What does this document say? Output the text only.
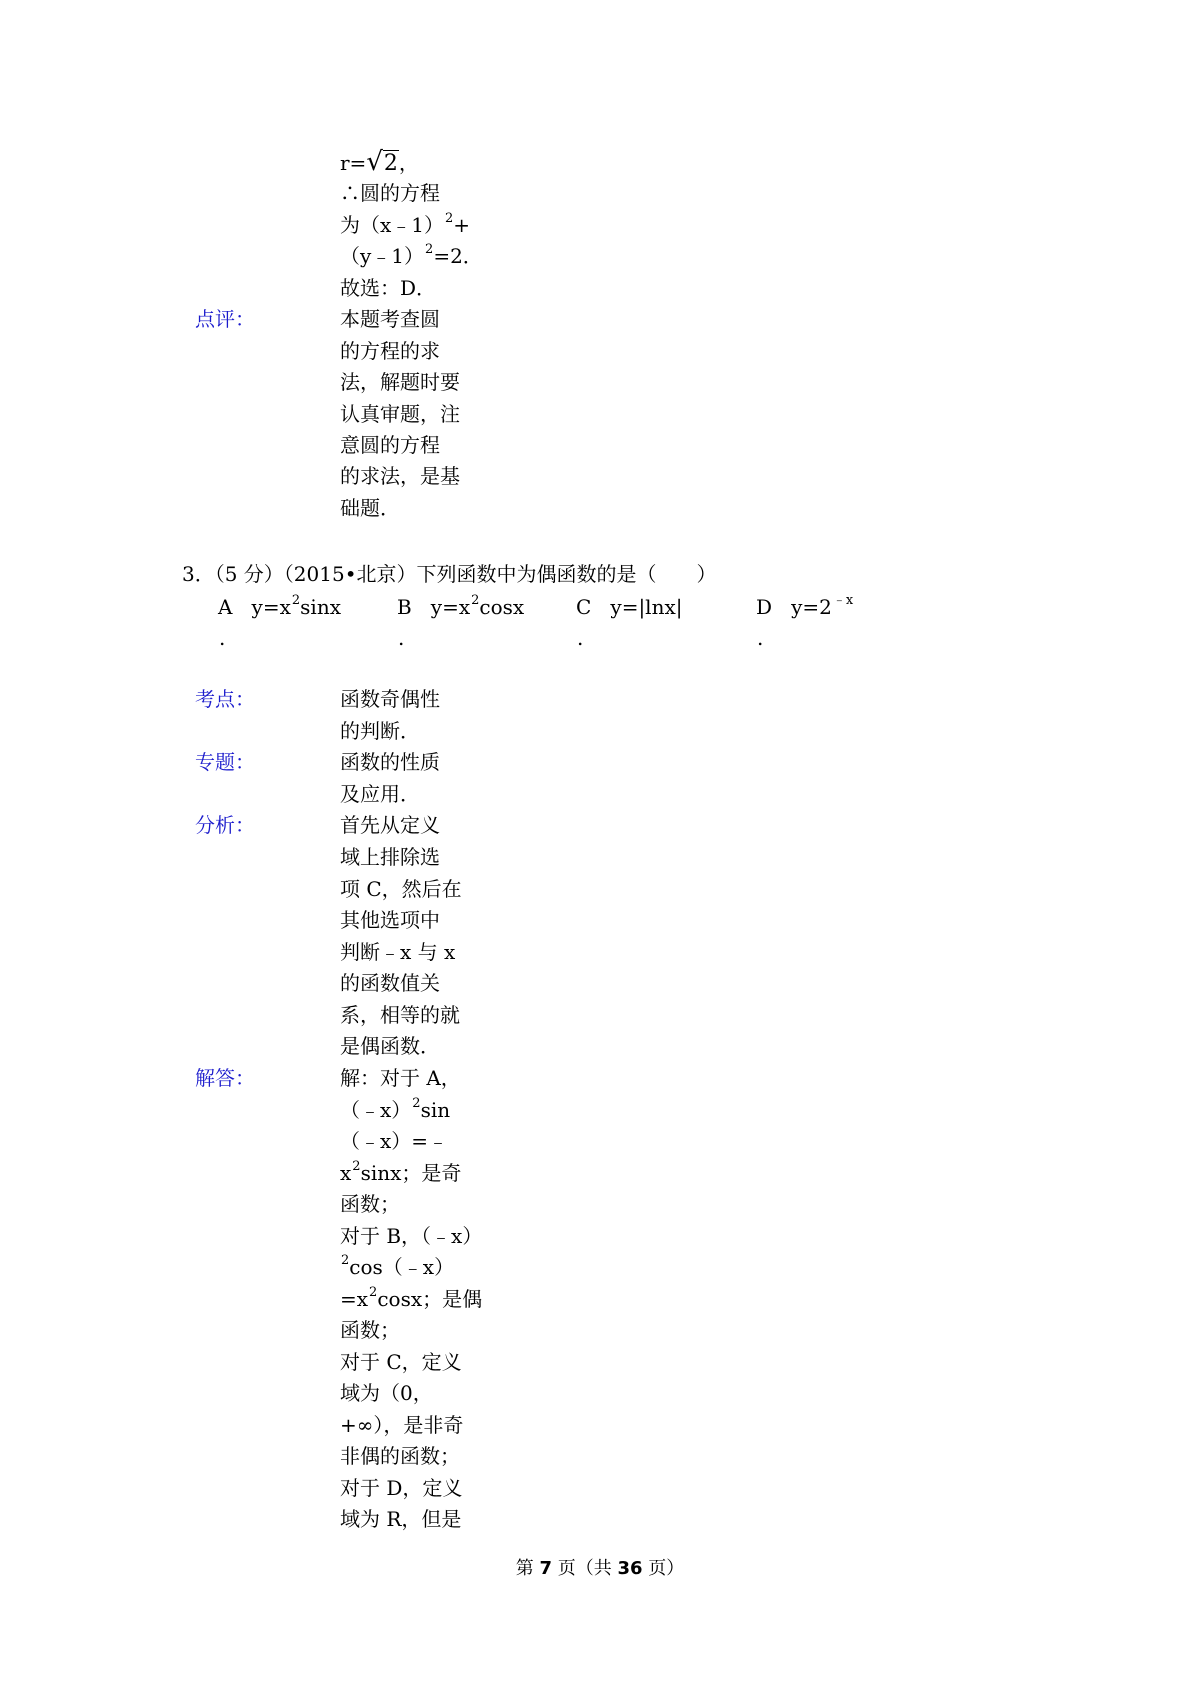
r=√2，
∴圆的方程
为（x﹣1）$^2$+
（y﹣1）$^2$=2．
故选：D．
点评：	本题考查圆
的方程的求
法，解题时要
认真审题，注
意圆的方程
的求法，是基
础题．
3．（5 分）（2015•北京）下列函数中为偶函数的是（　　）
A $y=x^2\sin x$
.
B $y=x^2\cos x$
.
C y=|lnx|
.
D $y=2^{﹣x}$
.
考点：	函数奇偶性
的判断．
专题：	函数的性质
及应用．
分析：	首先从定义
域上排除选
项 C，然后在
其他选项中
判断﹣x 与 x
的函数值关
系，相等的就
是偶函数．
解答：	解：对于 A，
（﹣x）$^2$sin
（﹣x）=﹣
$x^2\sin x$；是奇
函数；
对于 B，（﹣x）
$^2$cos（﹣x）
$=x^2\cos x$；是偶
函数；
对于 C，定义
域为（0，
+∞），是非奇
非偶的函数；
对于 D，定义
域为 R，但是
第 7 页（共 36 页）
